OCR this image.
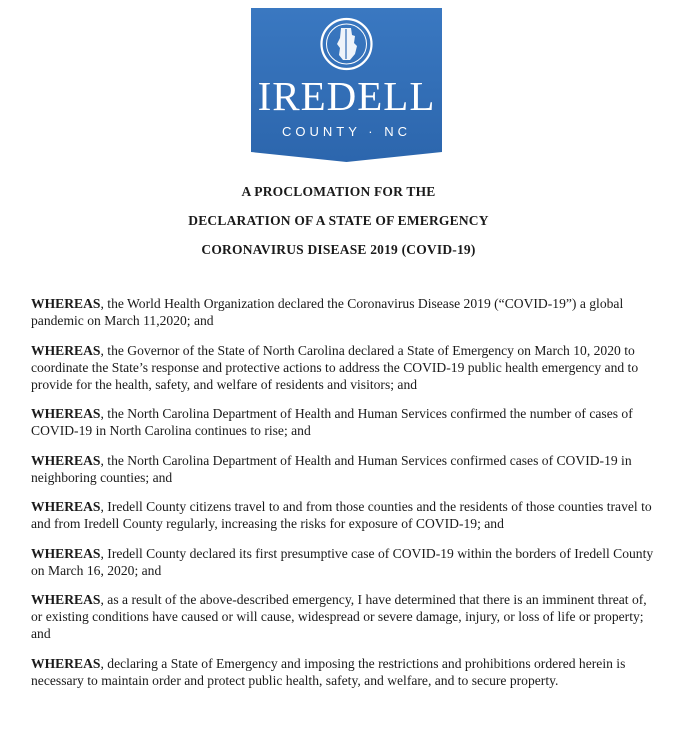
IREDELL
COUNTY · NC

A PROCLOMATION FOR THE

DECLARATION OF A STATE OF EMERGENCY

CORONAVIRUS DISEASE 2019 (COVID-19)

WHEREAS, the World Health Organization declared the Coronavirus Disease 2019 (“COVID-19”) a global pandemic on March 11,2020; and

WHEREAS, the Governor of the State of North Carolina declared a State of Emergency on March 10, 2020 to coordinate the State’s response and protective actions to address the COVID-19 public health emergency and to provide for the health, safety, and welfare of residents and visitors; and

WHEREAS, the North Carolina Department of Health and Human Services confirmed the number of cases of COVID-19 in North Carolina continues to rise; and

WHEREAS, the North Carolina Department of Health and Human Services confirmed cases of COVID-19 in neighboring counties; and

WHEREAS, Iredell County citizens travel to and from those counties and the residents of those counties travel to and from Iredell County regularly, increasing the risks for exposure of COVID-19; and

WHEREAS, Iredell County declared its first presumptive case of COVID-19 within the borders of Iredell County on March 16, 2020; and

WHEREAS, as a result of the above-described emergency, I have determined that there is an imminent threat of, or existing conditions have caused or will cause, widespread or severe damage, injury, or loss of life or property; and

WHEREAS, declaring a State of Emergency and imposing the restrictions and prohibitions ordered herein is necessary to maintain order and protect public health, safety, and welfare, and to secure property.
